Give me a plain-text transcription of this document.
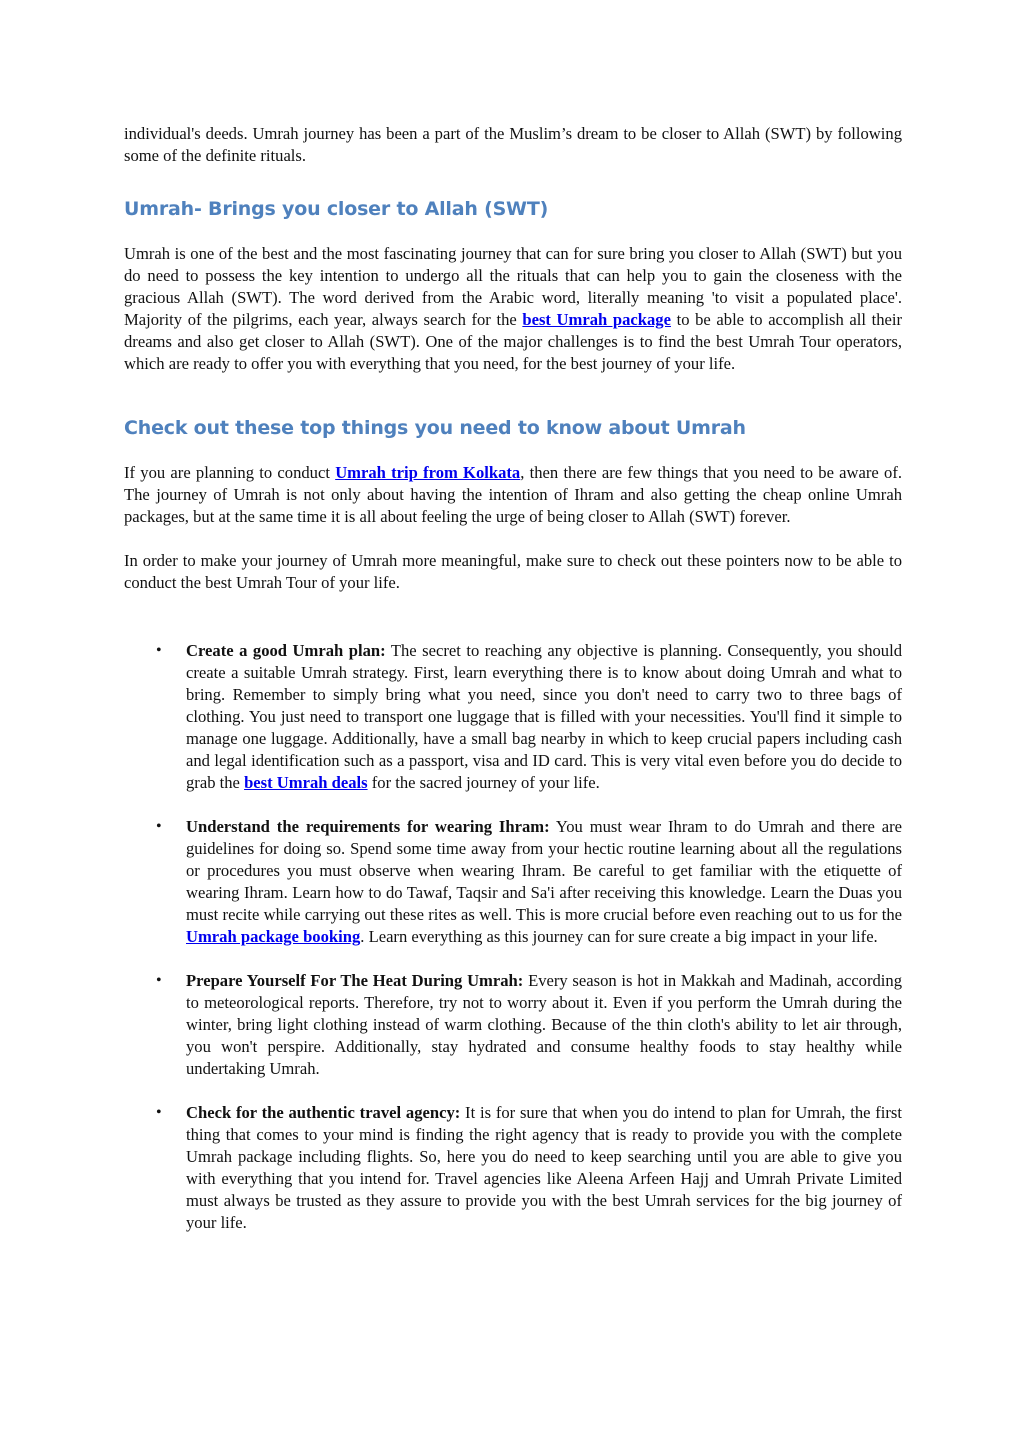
individual's deeds. Umrah journey has been a part of the Muslim’s dream to be closer to Allah (SWT) by following some of the definite rituals.

Umrah- Brings you closer to Allah (SWT)

Umrah is one of the best and the most fascinating journey that can for sure bring you closer to Allah (SWT) but you do need to possess the key intention to undergo all the rituals that can help you to gain the closeness with the gracious Allah (SWT). The word derived from the Arabic word, literally meaning 'to visit a populated place'. Majority of the pilgrims, each year, always search for the best Umrah package to be able to accomplish all their dreams and also get closer to Allah (SWT). One of the major challenges is to find the best Umrah Tour operators, which are ready to offer you with everything that you need, for the best journey of your life.

Check out these top things you need to know about Umrah

If you are planning to conduct Umrah trip from Kolkata, then there are few things that you need to be aware of. The journey of Umrah is not only about having the intention of Ihram and also getting the cheap online Umrah packages, but at the same time it is all about feeling the urge of being closer to Allah (SWT) forever.

In order to make your journey of Umrah more meaningful, make sure to check out these pointers now to be able to conduct the best Umrah Tour of your life.

• Create a good Umrah plan: The secret to reaching any objective is planning. Consequently, you should create a suitable Umrah strategy. First, learn everything there is to know about doing Umrah and what to bring. Remember to simply bring what you need, since you don't need to carry two to three bags of clothing. You just need to transport one luggage that is filled with your necessities. You'll find it simple to manage one luggage. Additionally, have a small bag nearby in which to keep crucial papers including cash and legal identification such as a passport, visa and ID card. This is very vital even before you do decide to grab the best Umrah deals for the sacred journey of your life.

• Understand the requirements for wearing Ihram: You must wear Ihram to do Umrah and there are guidelines for doing so. Spend some time away from your hectic routine learning about all the regulations or procedures you must observe when wearing Ihram. Be careful to get familiar with the etiquette of wearing Ihram. Learn how to do Tawaf, Taqsir and Sa'i after receiving this knowledge. Learn the Duas you must recite while carrying out these rites as well. This is more crucial before even reaching out to us for the Umrah package booking. Learn everything as this journey can for sure create a big impact in your life.

• Prepare Yourself For The Heat During Umrah: Every season is hot in Makkah and Madinah, according to meteorological reports. Therefore, try not to worry about it. Even if you perform the Umrah during the winter, bring light clothing instead of warm clothing. Because of the thin cloth's ability to let air through, you won't perspire. Additionally, stay hydrated and consume healthy foods to stay healthy while undertaking Umrah.

• Check for the authentic travel agency: It is for sure that when you do intend to plan for Umrah, the first thing that comes to your mind is finding the right agency that is ready to provide you with the complete Umrah package including flights. So, here you do need to keep searching until you are able to give you with everything that you intend for. Travel agencies like Aleena Arfeen Hajj and Umrah Private Limited must always be trusted as they assure to provide you with the best Umrah services for the big journey of your life.
